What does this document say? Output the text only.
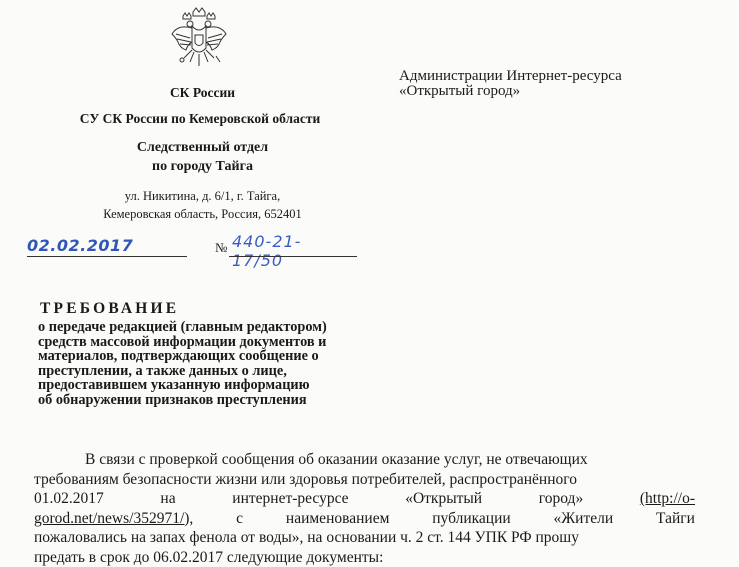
СК России
СУ СК России по Кемеровской области
Следственный отдел
по городу Тайга
ул. Никитина, д. 6/1, г. Тайга,
Кемеровская область, Россия, 652401
Администрации Интернет-ресурса
«Открытый город»
02.02.2017	№ 440-21-17/50
ТРЕБОВАНИЕ
о передаче редакцией (главным редактором)
средств массовой информации документов и
материалов, подтверждающих сообщение о
преступлении, а также данных о лице,
предоставившем указанную информацию
об обнаружении признаков преступления
В связи с проверкой сообщения об оказании оказание услуг, не отвечающих
требованиям безопасности жизни или здоровья потребителей, распространённого
01.02.2017	на	интернет-ресурсе	«Открытый	город»	(http://o-
gorod.net/news/352971/),	с	наименованием	публикации	«Жители	Тайги
пожаловались на запах фенола от воды», на основании ч. 2 ст. 144 УПК РФ прошу
предать в срок до 06.02.2017 следующие документы:
